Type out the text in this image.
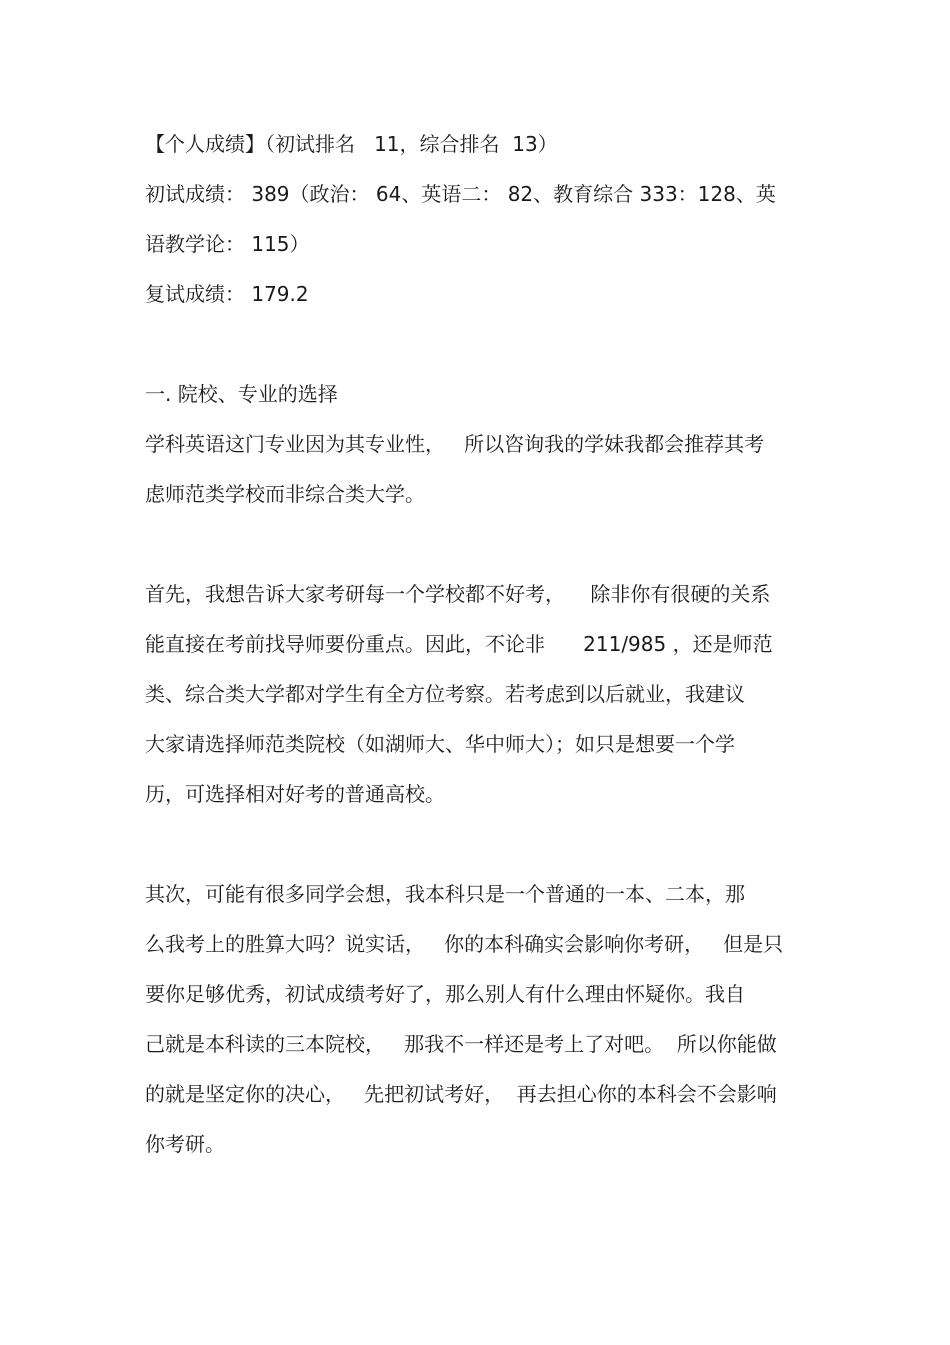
【个人成绩】（初试排名   11，综合排名  13）
初试成绩： 389（政治： 64、英语二： 82、教育综合 333：128、英
语教学论： 115）
复试成绩： 179.2
一. 院校、专业的选择
学科英语这门专业因为其专业性，   所以咨询我的学妹我都会推荐其考
虑师范类学校而非综合类大学。
首先，我想告诉大家考研每一个学校都不好考，    除非你有很硬的关系
能直接在考前找导师要份重点。因此，不论非      211/985 ，还是师范
类、综合类大学都对学生有全方位考察。若考虑到以后就业，我建议
大家请选择师范类院校（如湖师大、华中师大）；如只是想要一个学
历，可选择相对好考的普通高校。
其次，可能有很多同学会想，我本科只是一个普通的一本、二本，那
么我考上的胜算大吗？说实话，   你的本科确实会影响你考研，   但是只
要你足够优秀，初试成绩考好了，那么别人有什么理由怀疑你。我自
己就是本科读的三本院校，   那我不一样还是考上了对吧。  所以你能做
的就是坚定你的决心，   先把初试考好，  再去担心你的本科会不会影响
你考研。
